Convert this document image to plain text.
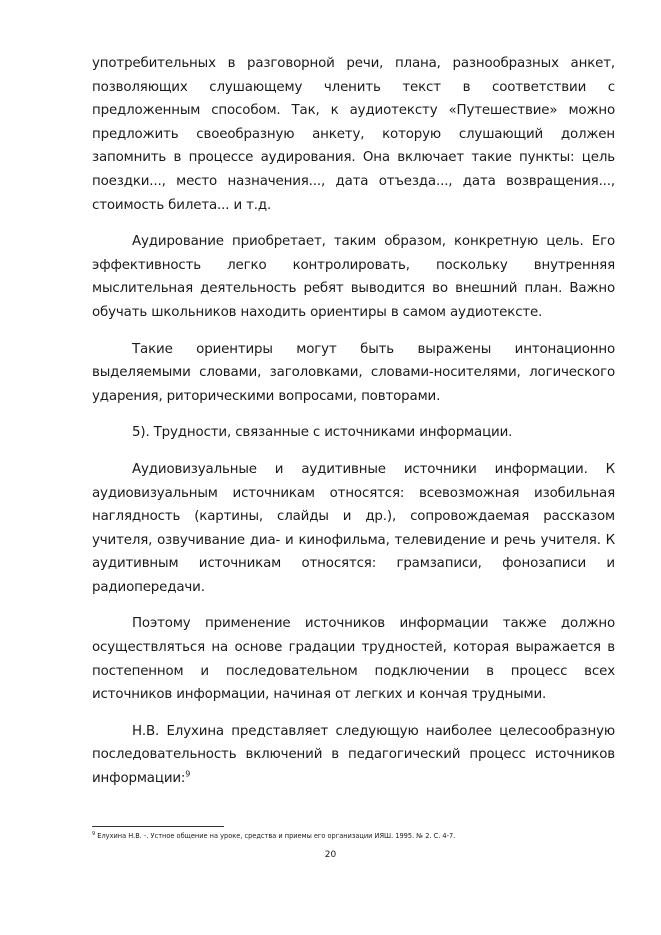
употребительных в разговорной речи, плана, разнообразных анкет, позволяющих слушающему членить текст в соответствии с предложенным способом. Так, к аудиотексту «Путешествие» можно предложить своеобразную анкету, которую слушающий должен запомнить в процессе аудирования. Она включает такие пункты: цель поездки..., место назначения..., дата отъезда..., дата возвращения..., стоимость билета... и т.д.

Аудирование приобретает, таким образом, конкретную цель. Его эффективность легко контролировать, поскольку внутренняя мыслительная деятельность ребят выводится во внешний план. Важно обучать школьников находить ориентиры в самом аудиотексте.

Такие ориентиры могут быть выражены интонационно выделяемыми словами, заголовками, словами-носителями, логического ударения, риторическими вопросами, повторами.

5). Трудности, связанные с источниками информации.

Аудиовизуальные и аудитивные источники информации. К аудиовизуальным источникам относятся: всевозможная изобильная наглядность (картины, слайды и др.), сопровождаемая рассказом учителя, озвучивание диа- и кинофильма, телевидение и речь учителя. К аудитивным источникам относятся: грамзаписи, фонозаписи и радиопередачи.

Поэтому применение источников информации также должно осуществляться на основе градации трудностей, которая выражается в постепенном и последовательном подключении в процесс всех источников информации, начиная от легких и кончая трудными.

Н.В. Елухина представляет следующую наиболее целесообразную последовательность включений в педагогический процесс источников информации:$^9$

$^9$ Елухина Н.В. -. Устное общение на уроке, средства и приемы его организации ИЯШ. 1995. № 2. С. 4-7.
20
